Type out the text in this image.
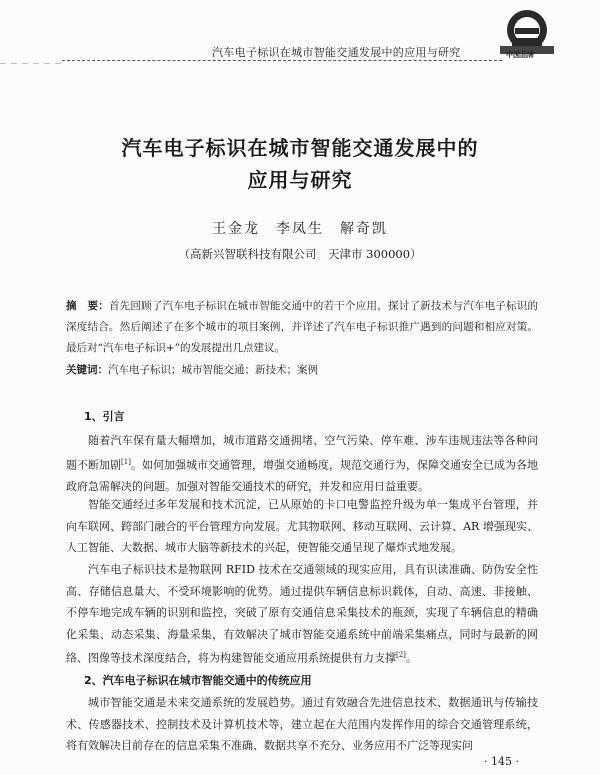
汽车电子标识在城市智能交通发展中的应用与研究	中国品牌
汽车电子标识在城市智能交通发展中的
应用与研究
王金龙　李凤生　解奇凯
（高新兴智联科技有限公司　天津市 300000）
摘　要：首先回顾了汽车电子标识在城市智能交通中的若干个应用，探讨了新技术与汽车电子标识的深度结合。然后阐述了在多个城市的项目案例，并详述了汽车电子标识推广遇到的问题和相应对策。最后对“汽车电子标识+”的发展提出几点建议。
关键词：汽车电子标识；城市智能交通；新技术；案例
1、引言
随着汽车保有量大幅增加，城市道路交通拥堵、空气污染、停车难、涉车违规违法等各种问题不断加剧[1]。如何加强城市交通管理，增强交通畅度，规范交通行为，保障交通安全已成为各地政府急需解决的问题。加强对智能交通技术的研究，并发和应用日益重要。
智能交通经过多年发展和技术沉淀，已从原始的卡口电警监控升级为单一集成平台管理，并向车联网、跨部门融合的平台管理方向发展。尤其物联网、移动互联网、云计算、AR 增强现实、人工智能、大数据、城市大脑等新技术的兴起，使智能交通呈现了爆炸式地发展。
汽车电子标识技术是物联网 RFID 技术在交通领域的现实应用，具有识读准确、防伪安全性高、存储信息量大、不受环境影响的优势。通过提供车辆信息标识载体，自动、高速、非接触、不停车地完成车辆的识别和监控，突破了原有交通信息采集技术的瓶颈，实现了车辆信息的精确化采集、动态采集、海量采集，有效解决了城市智能交通系统中前端采集痛点，同时与最新的网络、图像等技术深度结合，将为构建智能交通应用系统提供有力支撑[2]。
2、汽车电子标识在城市智能交通中的传统应用
城市智能交通是未来交通系统的发展趋势。通过有效融合先进信息技术、数据通讯与传输技术、传感器技术、控制技术及计算机技术等，建立起在大范围内发挥作用的综合交通管理系统，将有效解决目前存在的信息采集不准确、数据共享不充分、业务应用不广泛等现实问
· 145 ·
